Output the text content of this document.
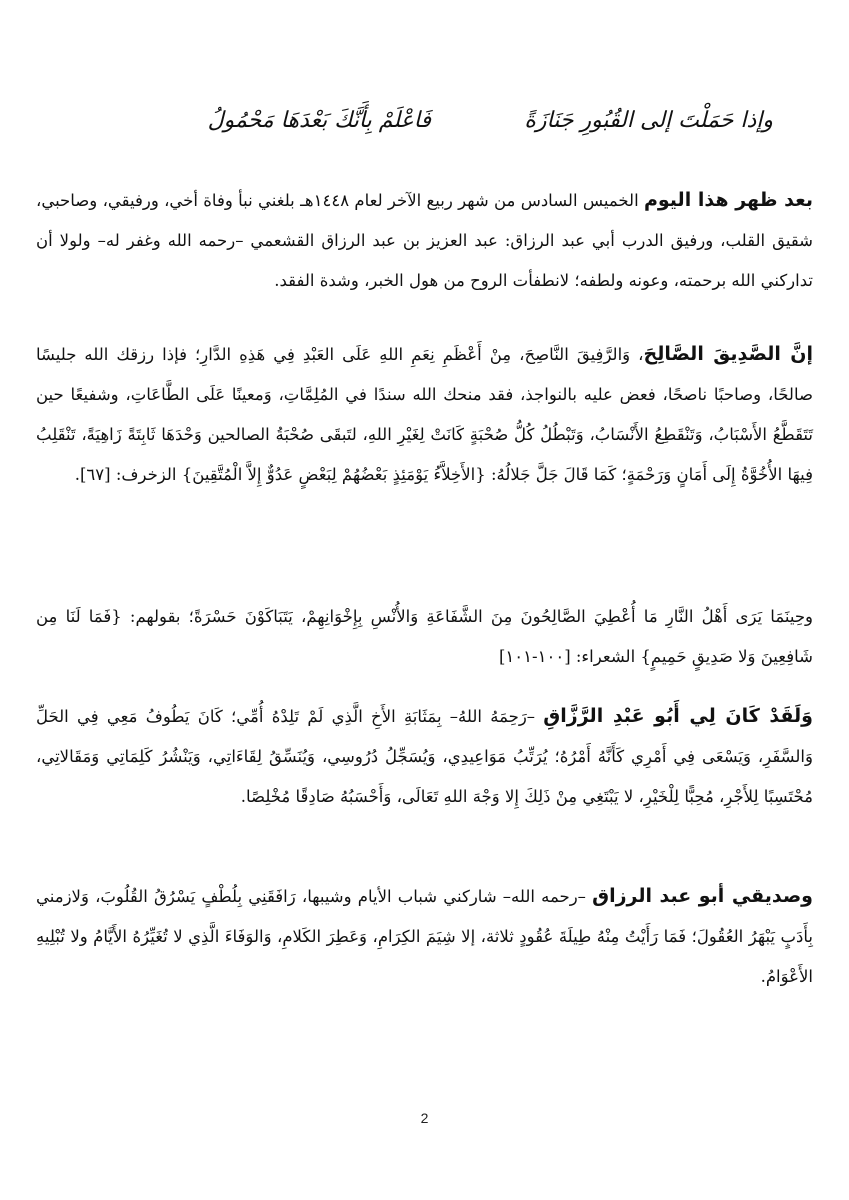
وإذا حَمَلْتَ إلى القُبُورِ جَنَازَةً
فَاعْلَمْ بِأَنَّكَ بَعْدَهَا مَحْمُولُ

بعد ظهر هذا اليوم الخميس السادس من شهر ربيع الآخر لعام ١٤٤٨هـ بلغني نبأ وفاة أخي، ورفيقي، وصاحبي، شقيق القلب، ورفيق الدرب أبي عبد الرزاق: عبد العزيز بن عبد الرزاق القشعمي –رحمه الله وغفر له– ولولا أن تداركني الله برحمته، وعونه ولطفه؛ لانطفأت الروح من هول الخبر، وشدة الفقد.

إنَّ الصَّدِيقَ الصَّالِحَ، وَالرَّفِيقَ النَّاصِحَ، مِنْ أَعْظَمِ نِعَمِ اللهِ عَلَى العَبْدِ فِي هَذِهِ الدَّارِ؛ فإذا رزقك الله جليسًا صالحًا، وصاحبًا ناصحًا، فعض عليه بالنواجذ، فقد منحك الله سندًا في المُلِمَّاتِ، وَمعينًا عَلَى الطَّاعَاتِ، وشفيعًا حين تَتَقَطَّعُ الأَسْبَابُ، وَتَنْقَطِعُ الأَنْسَابُ، وَتَبْطُلُ كُلُّ صُحْبَةٍ كَانَتْ لِغَيْرِ اللهِ، لتَبقَى صُحْبَةُ الصالحين وَحْدَهَا ثَابِتَةً زَاهِيَةً، تَنْقَلِبُ فِيهَا الأُخُوَّةُ إِلَى أَمَانٍ وَرَحْمَةٍ؛ كَمَا قَالَ جَلَّ جَلالُهُ: {الأَخِلاَّءُ يَوْمَئِذٍ بَعْضُهُمْ لِبَعْضٍ عَدُوٌّ إِلاَّ الْمُتَّقِينَ} الزخرف: [٦٧].

وحِينَمَا يَرَى أَهْلُ النَّارِ مَا أُعْطِيَ الصَّالِحُونَ مِنَ الشَّفَاعَةِ وَالأُنْسِ بِإِخْوَانِهِمْ، يَتَبَاكَوْنَ حَسْرَةً؛ بقولهم: {فَمَا لَنَا مِن شَافِعِينَ وَلا صَدِيقٍ حَمِيمٍ} الشعراء: [١٠٠-١٠١]

وَلَقَدْ كَانَ لِي أَبُو عَبْدِ الرَّزَّاقِ –رَحِمَهُ اللهُ– بِمَثَابَةِ الأَخِ الَّذِي لَمْ تَلِدْهُ أُمِّي؛ كَانَ يَطُوفُ مَعِي فِي الحَلِّ وَالسَّفَرِ، وَيَسْعَى فِي أَمْرِي كَأَنَّهُ أَمْرُهُ؛ يُرَتِّبُ مَوَاعِيدِي، وَيُسَجِّلُ دُرُوسِي، وَيُنَسِّقُ لِقَاءَاتِي، وَيَنْشُرُ كَلِمَاتِي وَمَقَالاتِي، مُحْتَسِبًا لِلأَجْرِ، مُحِبًّا لِلْخَيْرِ، لا يَبْتَغِي مِنْ ذَلِكَ إِلا وَجْهَ اللهِ تَعَالَى، وَأَحْسَبُهُ صَادِقًا مُخْلِصًا.

وصديقي أبو عبد الرزاق –رحمه الله– شاركني شباب الأيام وشيبها، رَافَقَنِي بِلُطْفٍ يَسْرُقُ القُلُوبَ، وَلازمني بِأَدَبٍ يَبْهَرُ العُقُولَ؛ فَمَا رَأَيْتُ مِنْهُ طِيلَةَ عُقُودٍ ثلاثة، إلا شِيَمَ الكِرَامِ، وَعَطِرَ الكَلامِ، وَالوَفَاءَ الَّذِي لا تُغَيِّرُهُ الأَيَّامُ ولا تُبْلِيهِ الأَعْوَامُ.

2
